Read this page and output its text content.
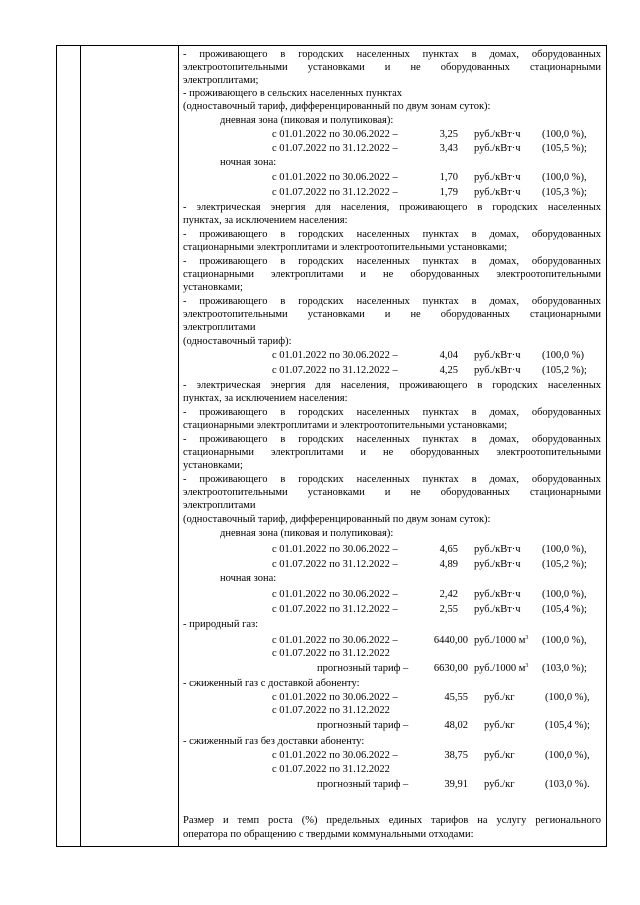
- проживающего в городских населенных пунктах в домах, оборудованных
электроотопительными установками и не оборудованных стационарными
электроплитами;
- проживающего в сельских населенных пунктах
(одноставочный тариф, дифференцированный по двум зонам суток):
дневная зона (пиковая и полупиковая):
с 01.01.2022 по 30.06.2022 –	3,25 руб./кВт·ч (100,0 %),
с 01.07.2022 по 31.12.2022 –	3,43 руб./кВт·ч (105,5 %);
ночная зона:
с 01.01.2022 по 30.06.2022 –	1,70 руб./кВт·ч (100,0 %),
с 01.07.2022 по 31.12.2022 –	1,79 руб./кВт·ч (105,3 %);
- электрическая энергия для населения, проживающего в городских населенных
пунктах, за исключением населения:
- проживающего в городских населенных пунктах в домах, оборудованных
стационарными электроплитами и электроотопительными установками;
- проживающего в городских населенных пунктах в домах, оборудованных
стационарными электроплитами и не оборудованных электроотопительными
установками;
- проживающего в городских населенных пунктах в домах, оборудованных
электроотопительными установками и не оборудованных стационарными
электроплитами
(одноставочный тариф):
с 01.01.2022 по 30.06.2022 –	4,04 руб./кВт·ч (100,0 %)
с 01.07.2022 по 31.12.2022 –	4,25 руб./кВт·ч (105,2 %);
- электрическая энергия для населения, проживающего в городских населенных
пунктах, за исключением населения:
- проживающего в городских населенных пунктах в домах, оборудованных
стационарными электроплитами и электроотопительными установками;
- проживающего в городских населенных пунктах в домах, оборудованных
стационарными электроплитами и не оборудованных электроотопительными
установками;
- проживающего в городских населенных пунктах в домах, оборудованных
электроотопительными установками и не оборудованных стационарными
электроплитами
(одноставочный тариф, дифференцированный по двум зонам суток):
дневная зона (пиковая и полупиковая):
с 01.01.2022 по 30.06.2022 –	4,65 руб./кВт·ч (100,0 %),
с 01.07.2022 по 31.12.2022 –	4,89 руб./кВт·ч (105,2 %);
ночная зона:
с 01.01.2022 по 30.06.2022 –	2,42 руб./кВт·ч (100,0 %),
с 01.07.2022 по 31.12.2022 –	2,55 руб./кВт·ч (105,4 %);
- природный газ:
с 01.01.2022 по 30.06.2022 –	6440,00 руб./1000 $м^3$ (100,0 %),
с 01.07.2022 по 31.12.2022
прогнозный тариф –	6630,00 руб./1000 $м^3$ (103,0 %);
- сжиженный газ с доставкой абоненту:
с 01.01.2022 по 30.06.2022 –	45,55 руб./кг	(100,0 %),
с 01.07.2022 по 31.12.2022
прогнозный тариф –	48,02 руб./кг	(105,4 %);
- сжиженный газ без доставки абоненту:
с 01.01.2022 по 30.06.2022 –	38,75 руб./кг	(100,0 %),
с 01.07.2022 по 31.12.2022
прогнозный тариф –	39,91 руб./кг	(103,0 %).
Размер и темп роста (%) предельных единых тарифов на услугу регионального
оператора по обращению с твердыми коммунальными отходами:
